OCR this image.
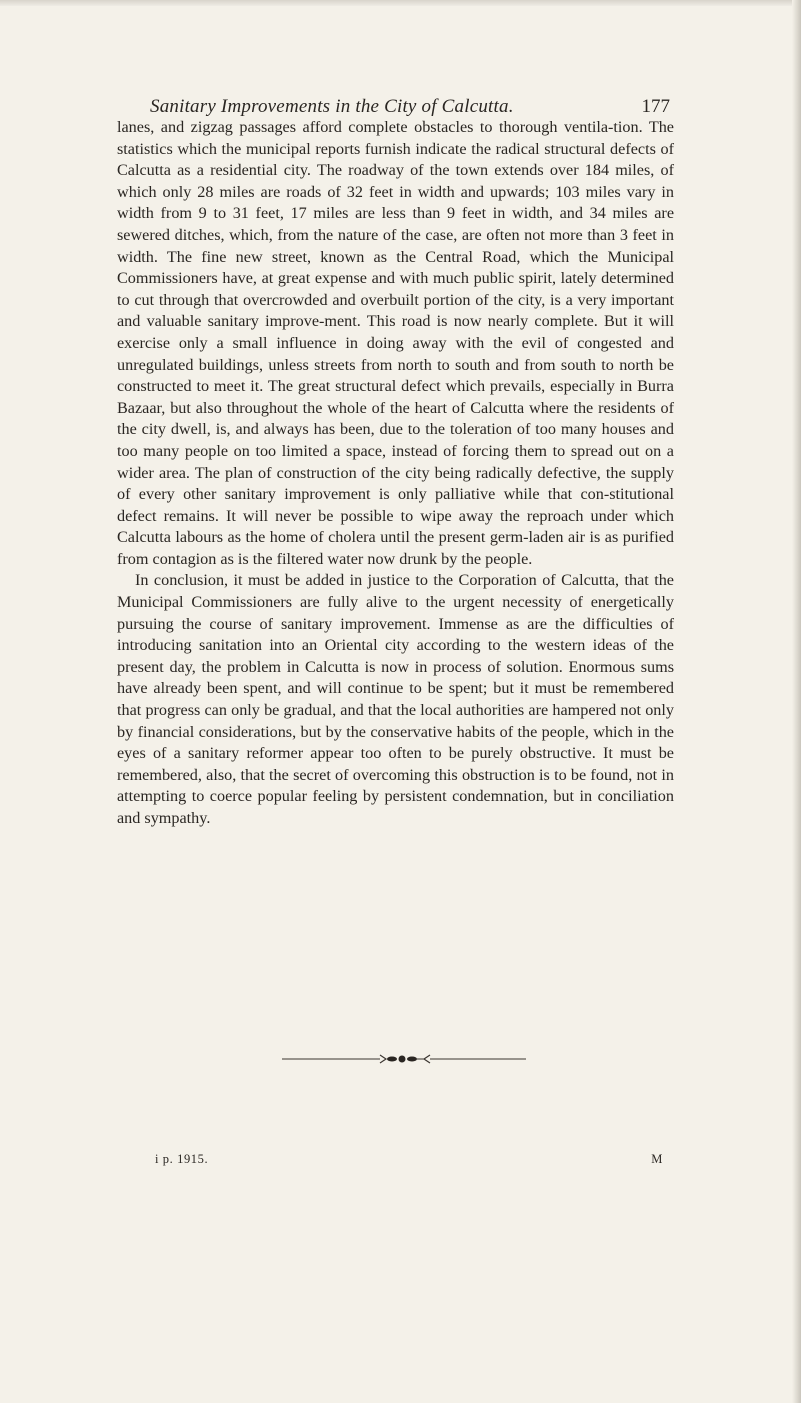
Sanitary Improvements in the City of Calcutta.	177

lanes, and zigzag passages afford complete obstacles to thorough ventila-tion. The statistics which the municipal reports furnish indicate the radical structural defects of Calcutta as a residential city. The roadway of the town extends over 184 miles, of which only 28 miles are roads of 32 feet in width and upwards; 103 miles vary in width from 9 to 31 feet, 17 miles are less than 9 feet in width, and 34 miles are sewered ditches, which, from the nature of the case, are often not more than 3 feet in width. The fine new street, known as the Central Road, which the Municipal Commissioners have, at great expense and with much public spirit, lately determined to cut through that overcrowded and overbuilt portion of the city, is a very important and valuable sanitary improve-ment. This road is now nearly complete. But it will exercise only a small influence in doing away with the evil of congested and unregulated buildings, unless streets from north to south and from south to north be constructed to meet it. The great structural defect which prevails, especially in Burra Bazaar, but also throughout the whole of the heart of Calcutta where the residents of the city dwell, is, and always has been, due to the toleration of too many houses and too many people on too limited a space, instead of forcing them to spread out on a wider area. The plan of construction of the city being radically defective, the supply of every other sanitary improvement is only palliative while that con-stitutional defect remains. It will never be possible to wipe away the reproach under which Calcutta labours as the home of cholera until the present germ-laden air is as purified from contagion as is the filtered water now drunk by the people.

In conclusion, it must be added in justice to the Corporation of Calcutta, that the Municipal Commissioners are fully alive to the urgent necessity of energetically pursuing the course of sanitary improvement. Immense as are the difficulties of introducing sanitation into an Oriental city according to the western ideas of the present day, the problem in Calcutta is now in process of solution. Enormous sums have already been spent, and will continue to be spent; but it must be remembered that progress can only be gradual, and that the local authorities are hampered not only by financial considerations, but by the conservative habits of the people, which in the eyes of a sanitary reformer appear too often to be purely obstructive. It must be remembered, also, that the secret of overcoming this obstruction is to be found, not in attempting to coerce popular feeling by persistent condemnation, but in conciliation and sympathy.

i p. 1915.	M
